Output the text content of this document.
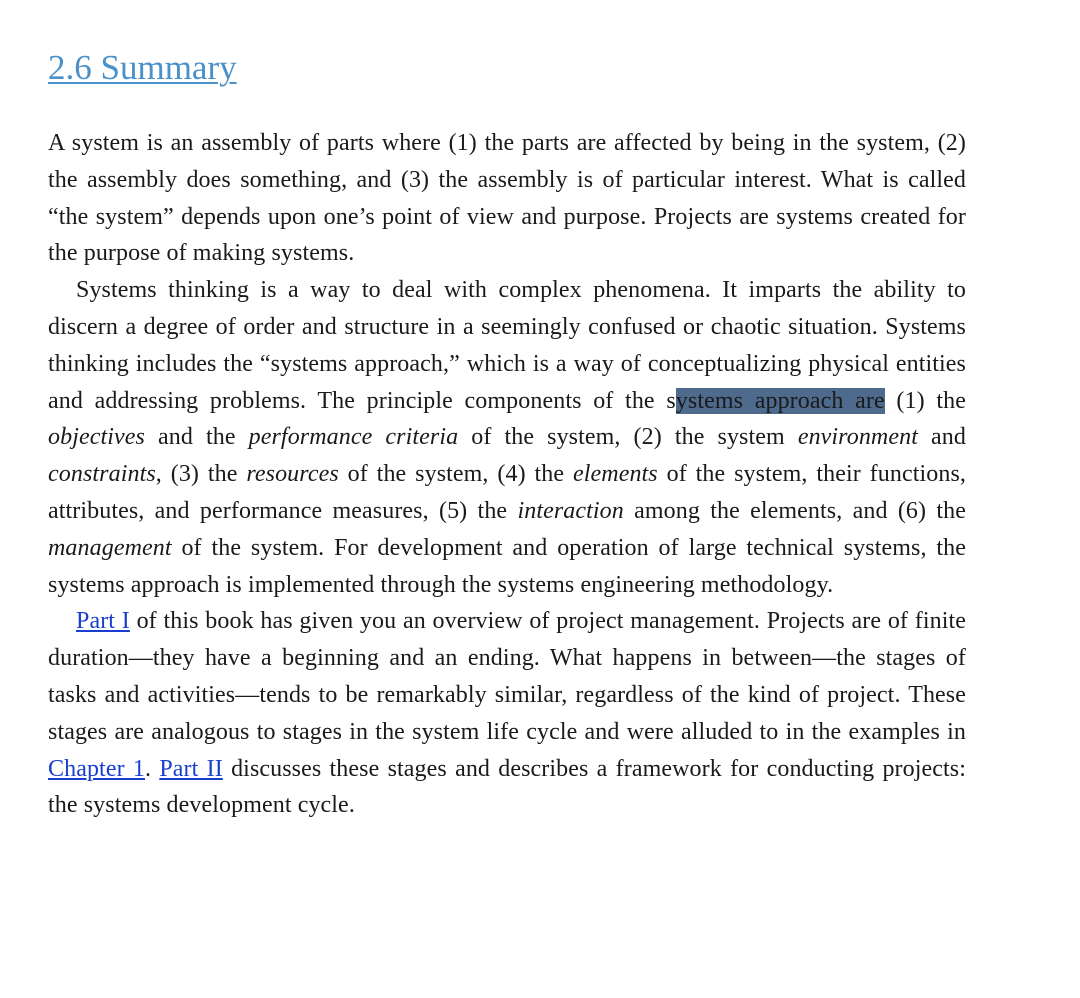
2.6 Summary

A system is an assembly of parts where (1) the parts are affected by being in the system, (2) the assembly does something, and (3) the assembly is of particular interest. What is called “the system” depends upon one’s point of view and purpose. Projects are systems created for the purpose of making systems.

Systems thinking is a way to deal with complex phenomena. It imparts the ability to discern a degree of order and structure in a seemingly confused or chaotic situation. Systems thinking includes the “systems approach,” which is a way of conceptualizing physical entities and addressing problems. The principle components of the systems approach are (1) the objectives and the performance criteria of the system, (2) the system environment and constraints, (3) the resources of the system, (4) the elements of the system, their functions, attributes, and performance measures, (5) the interaction among the elements, and (6) the management of the system. For development and operation of large technical systems, the systems approach is implemented through the systems engineering methodology.

Part I of this book has given you an overview of project management. Projects are of finite duration—they have a beginning and an ending. What happens in between—the stages of tasks and activities—tends to be remarkably similar, regardless of the kind of project. These stages are analogous to stages in the system life cycle and were alluded to in the examples in Chapter 1. Part II discusses these stages and describes a framework for conducting projects: the systems development cycle.
